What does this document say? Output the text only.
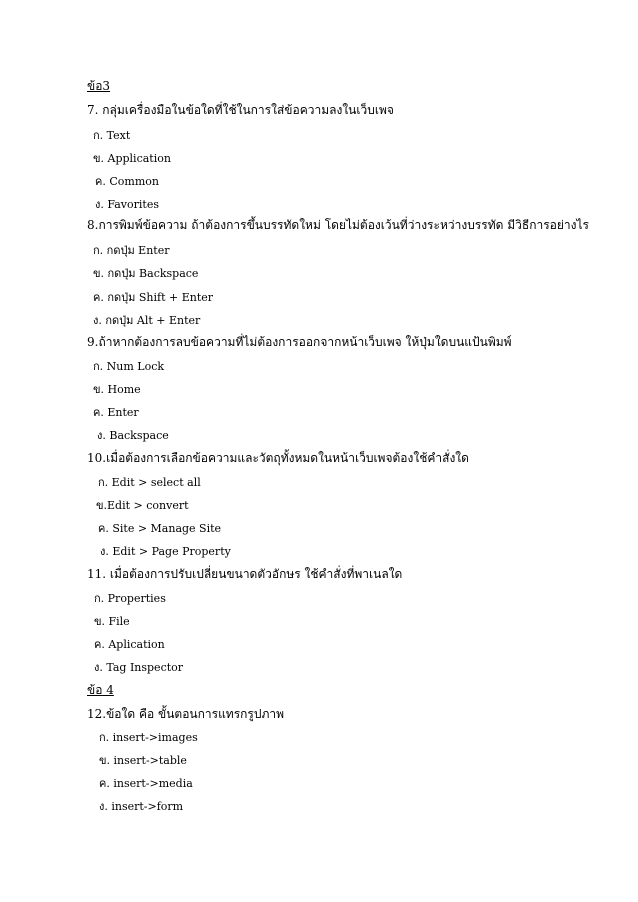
ข้อ3
7. กลุ่มเครื่องมือในข้อใดที่ใช้ในการใส่ข้อความลงในเว็บเพจ
ก. Text
ข. Application
ค. Common
ง. Favorites
8.การพิมพ์ข้อความ ถ้าต้องการขึ้นบรรทัดใหม่ โดยไม่ต้องเว้นที่ว่างระหว่างบรรทัด มีวิธีการอย่างไร
ก. กดปุ่ม Enter
ข. กดปุ่ม Backspace
ค. กดปุ่ม Shift + Enter
ง. กดปุ่ม Alt + Enter
9.ถ้าหากต้องการลบข้อความที่ไม่ต้องการออกจากหน้าเว็บเพจ ให้ปุ่มใดบนแป้นพิมพ์
ก. Num Lock
ข. Home
ค. Enter
ง. Backspace
10.เมื่อต้องการเลือกข้อความและวัตถุทั้งหมดในหน้าเว็บเพจต้องใช้คำสั่งใด
ก. Edit > select all
ข.Edit > convert
ค. Site > Manage Site
ง. Edit > Page Property
11. เมื่อต้องการปรับเปลี่ยนขนาดตัวอักษร ใช้คำสั่งที่พาเนลใด
ก. Properties
ข. File
ค. Aplication
ง. Tag Inspector
ข้อ 4
12.ข้อใด คือ ขั้นตอนการแทรกรูปภาพ
ก. insert->images
ข. insert->table
ค. insert->media
ง. insert->form
